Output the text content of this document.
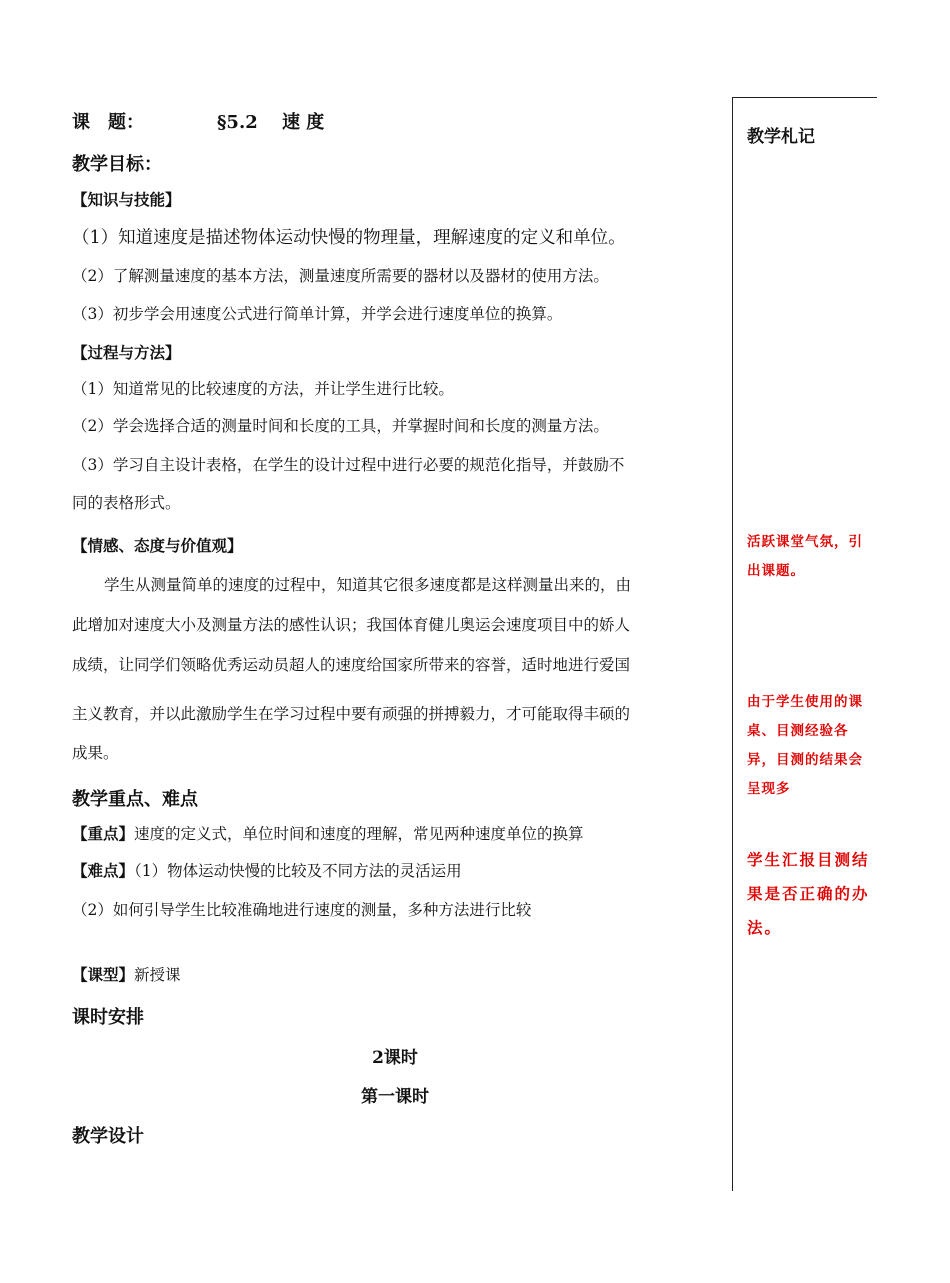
课　题：	§5.2　 速 度
教学目标：
【知识与技能】
（1）知道速度是描述物体运动快慢的物理量，理解速度的定义和单位。
（2）了解测量速度的基本方法，测量速度所需要的器材以及器材的使用方法。
（3）初步学会用速度公式进行简单计算，并学会进行速度单位的换算。
【过程与方法】
（1）知道常见的比较速度的方法，并让学生进行比较。
（2）学会选择合适的测量时间和长度的工具，并掌握时间和长度的测量方法。
（3）学习自主设计表格，在学生的设计过程中进行必要的规范化指导，并鼓励不
同的表格形式。
【情感、态度与价值观】
学生从测量简单的速度的过程中，知道其它很多速度都是这样测量出来的，由
此增加对速度大小及测量方法的感性认识；我国体育健儿奥运会速度项目中的娇人
成绩，让同学们领略优秀运动员超人的速度给国家所带来的容誉，适时地进行爱国
主义教育，并以此激励学生在学习过程中要有顽强的拼搏毅力，才可能取得丰硕的
成果。
教学重点、难点
【重点】速度的定义式，单位时间和速度的理解，常见两种速度单位的换算
【难点】（1）物体运动快慢的比较及不同方法的灵活运用
（2）如何引导学生比较准确地进行速度的测量，多种方法进行比较
【课型】新授课
课时安排
2课时
第一课时
教学设计
教学札记
活跃课堂气氛，引出课题。
由于学生使用的课桌、目测经验各异，目测的结果会呈现多
学生汇报目测结果是否正确的办法。
